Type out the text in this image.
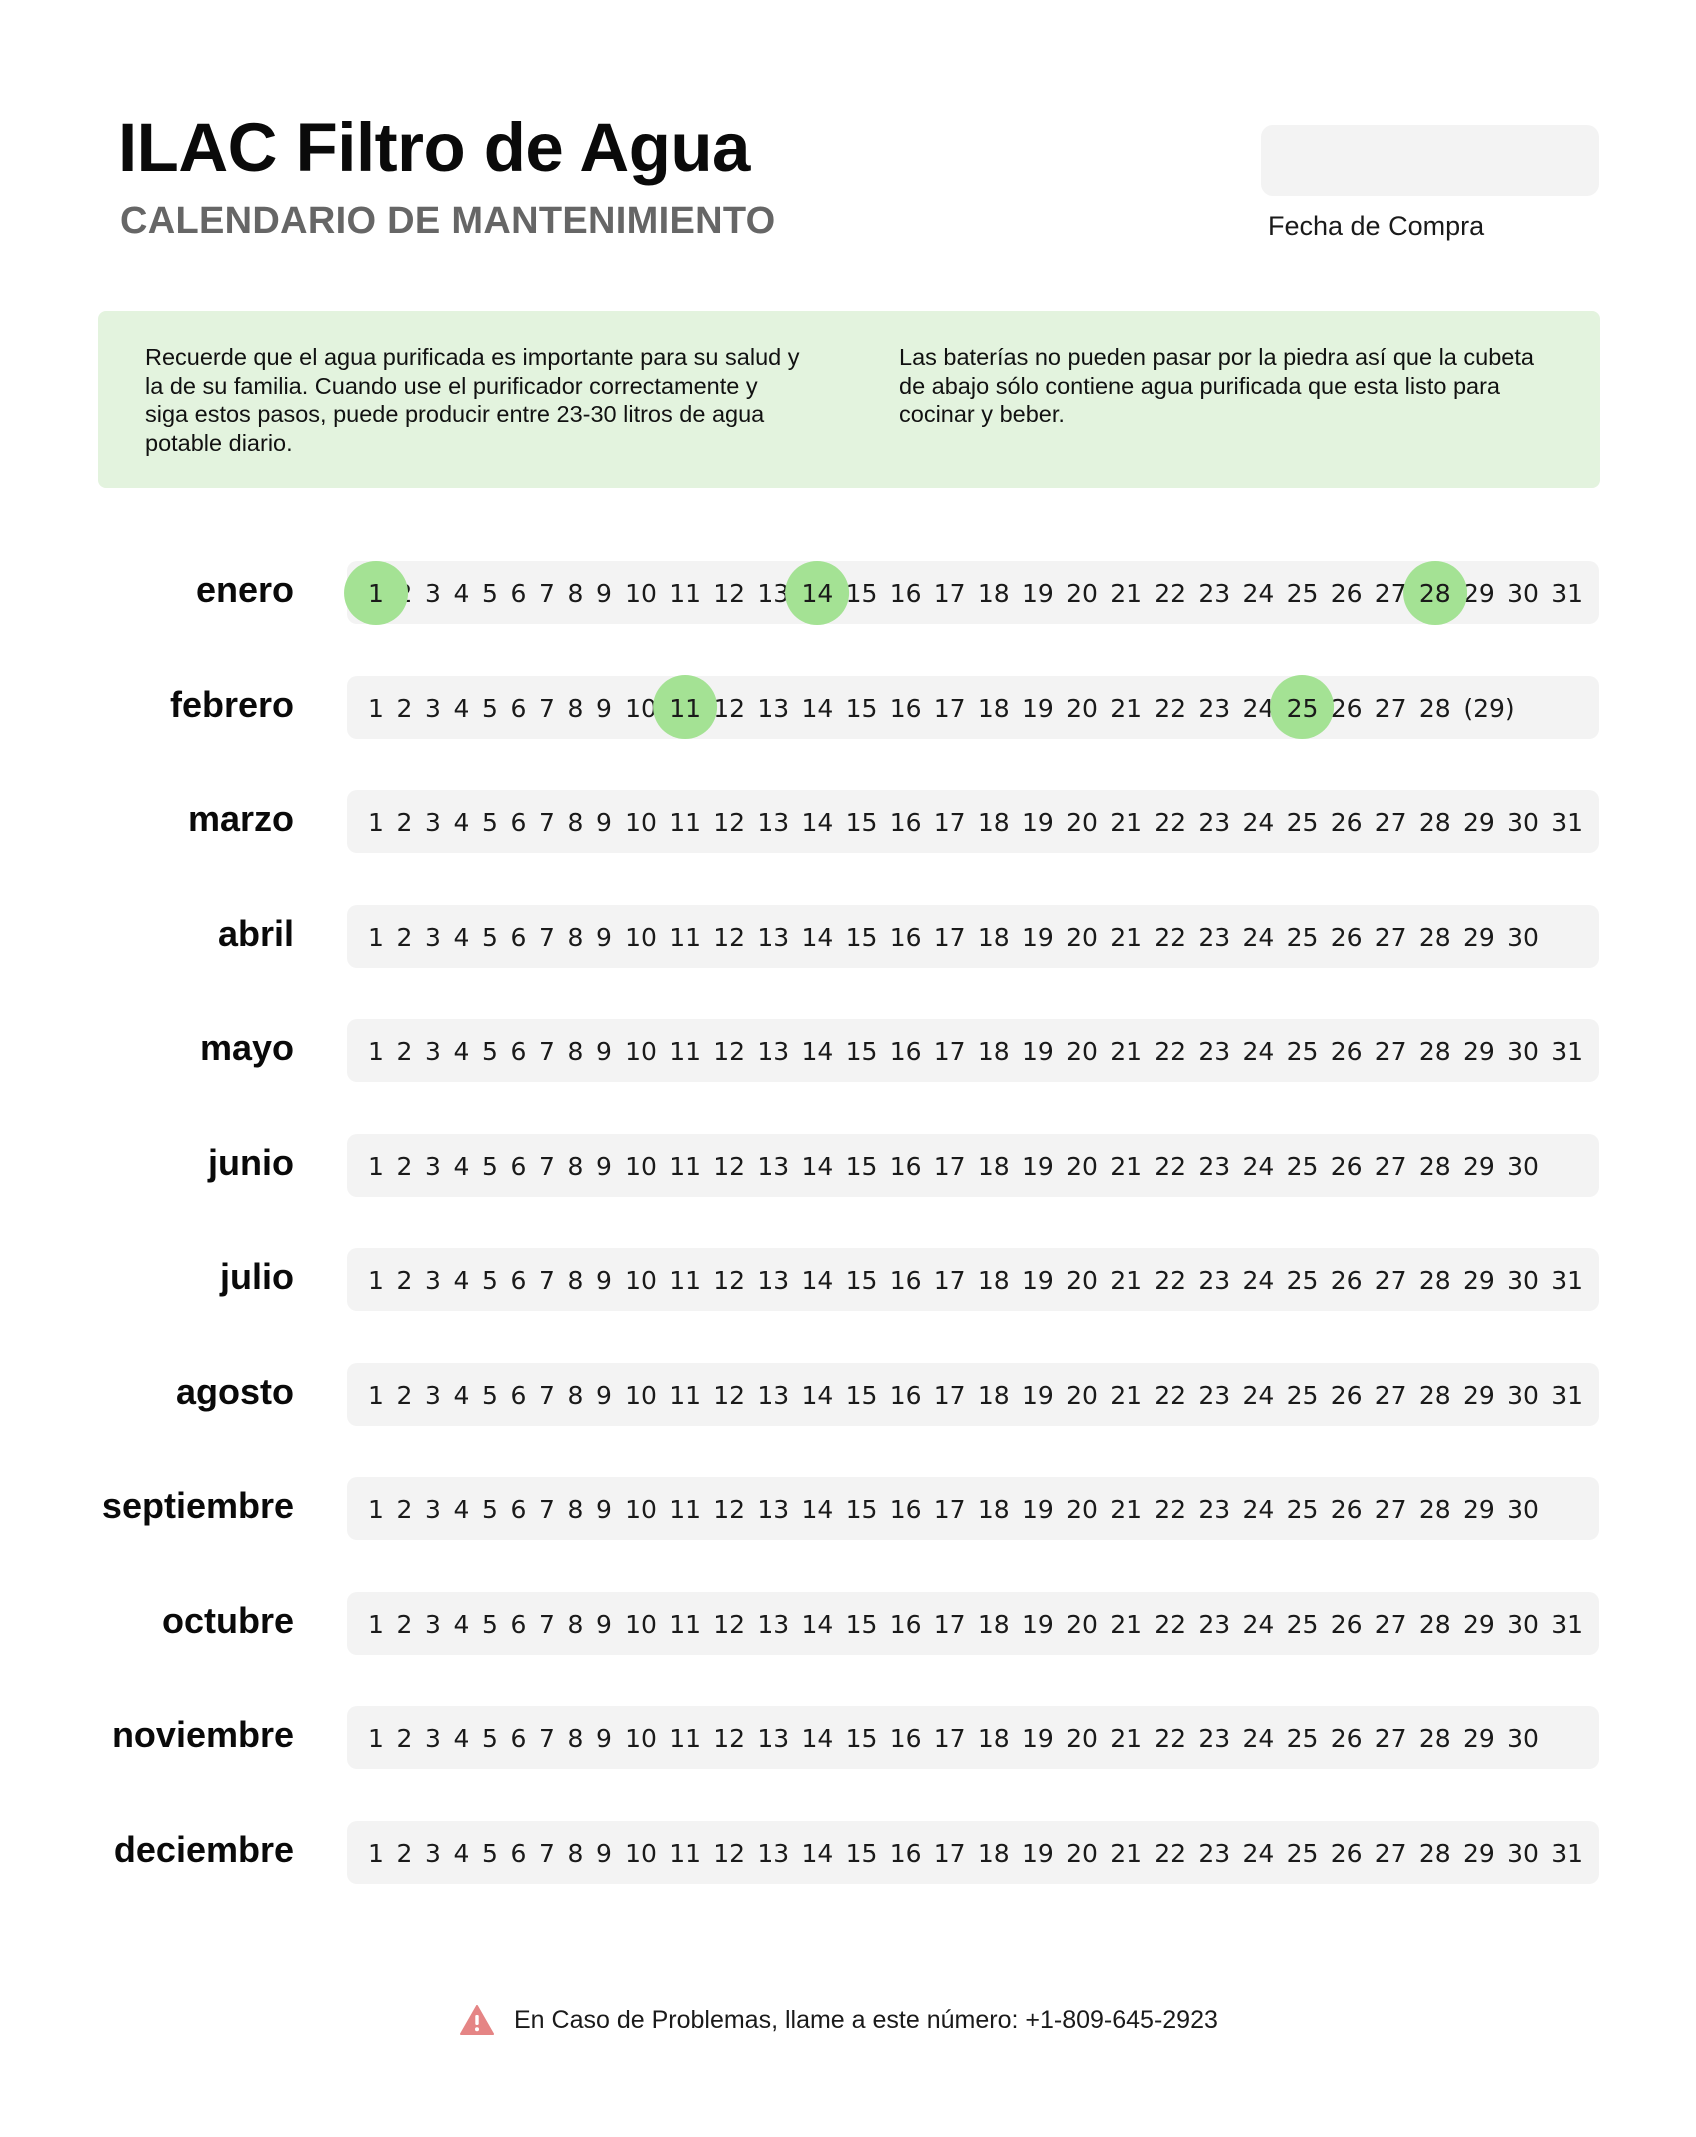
ILAC Filtro de Agua
CALENDARIO DE MANTENIMIENTO	Fecha de Compra

Recuerde que el agua purificada es importante para su salud y la de su familia. Cuando use el purificador correctamente y siga estos pasos, puede producir entre 23-30 litros de agua potable diario.

Las baterías no pueden pasar por la piedra así que la cubeta de abajo sólo contiene agua purificada que esta listo para cocinar y beber.

enero	1 2 3 4 5 6 7 8 9 10 11 12 13 14 15 16 17 18 19 20 21 22 23 24 25 26 27 28 29 30 31
febrero	1 2 3 4 5 6 7 8 9 10 11 12 13 14 15 16 17 18 19 20 21 22 23 24 25 26 27 28 (29)
marzo	1 2 3 4 5 6 7 8 9 10 11 12 13 14 15 16 17 18 19 20 21 22 23 24 25 26 27 28 29 30 31
abril	1 2 3 4 5 6 7 8 9 10 11 12 13 14 15 16 17 18 19 20 21 22 23 24 25 26 27 28 29 30
mayo	1 2 3 4 5 6 7 8 9 10 11 12 13 14 15 16 17 18 19 20 21 22 23 24 25 26 27 28 29 30 31
junio	1 2 3 4 5 6 7 8 9 10 11 12 13 14 15 16 17 18 19 20 21 22 23 24 25 26 27 28 29 30
julio	1 2 3 4 5 6 7 8 9 10 11 12 13 14 15 16 17 18 19 20 21 22 23 24 25 26 27 28 29 30 31
agosto	1 2 3 4 5 6 7 8 9 10 11 12 13 14 15 16 17 18 19 20 21 22 23 24 25 26 27 28 29 30 31
septiembre	1 2 3 4 5 6 7 8 9 10 11 12 13 14 15 16 17 18 19 20 21 22 23 24 25 26 27 28 29 30
octubre	1 2 3 4 5 6 7 8 9 10 11 12 13 14 15 16 17 18 19 20 21 22 23 24 25 26 27 28 29 30 31
noviembre	1 2 3 4 5 6 7 8 9 10 11 12 13 14 15 16 17 18 19 20 21 22 23 24 25 26 27 28 29 30
deciembre	1 2 3 4 5 6 7 8 9 10 11 12 13 14 15 16 17 18 19 20 21 22 23 24 25 26 27 28 29 30 31
En Caso de Problemas, llame a este número: +1-809-645-2923
